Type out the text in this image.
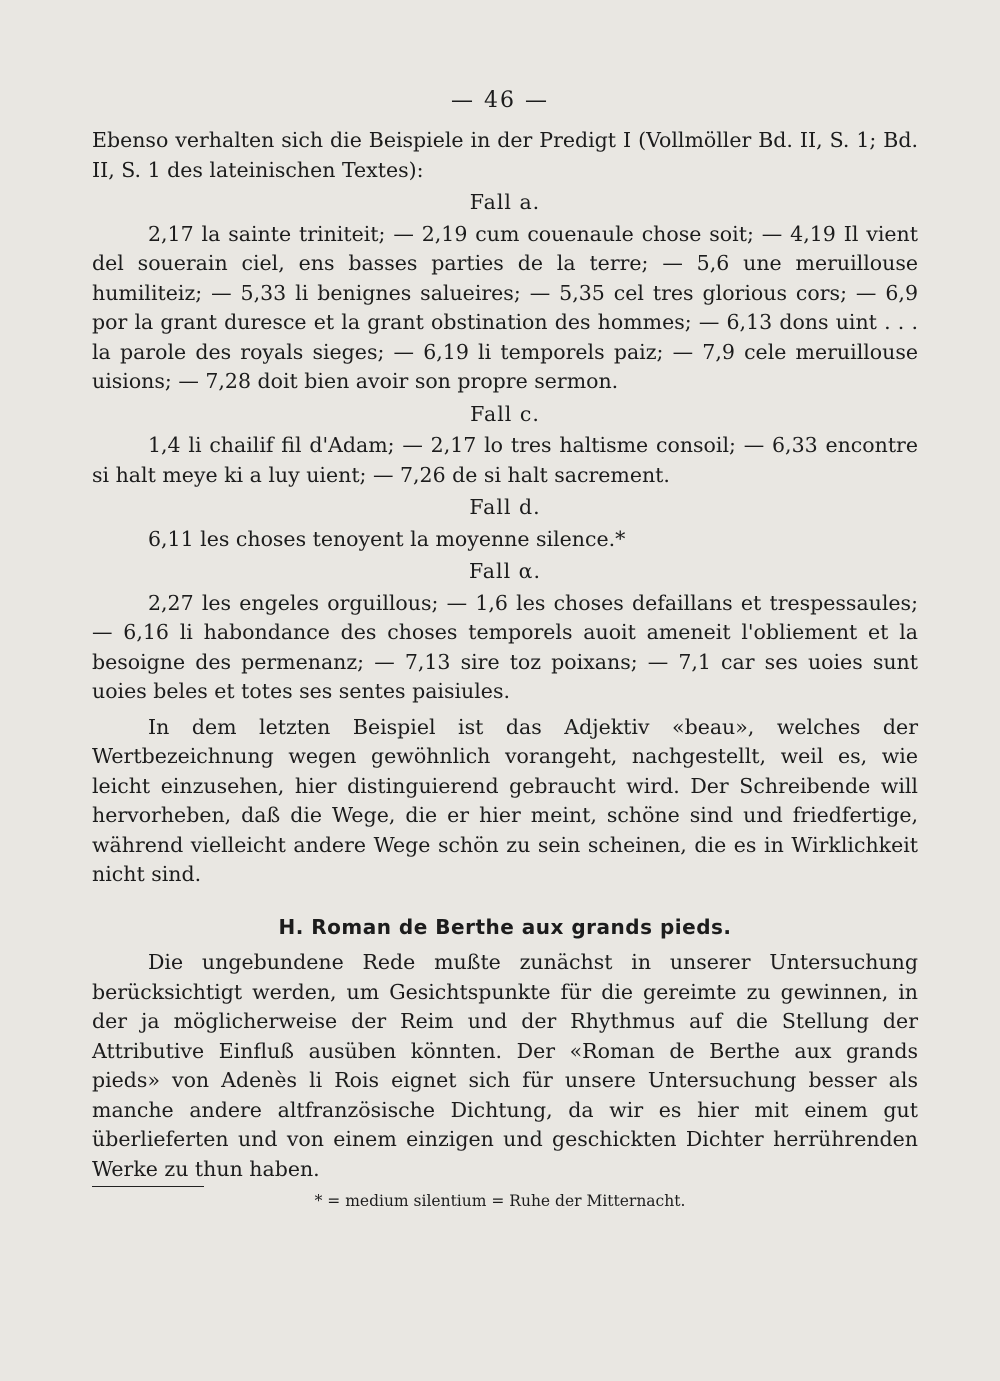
— 46 —

Ebenso verhalten sich die Beispiele in der Predigt I (Vollmöller Bd. II, S. 1; Bd. II, S. 1 des lateinischen Textes):

Fall a.

2,17 la sainte triniteit; — 2,19 cum couenaule chose soit; — 4,19 Il vient del souerain ciel, ens basses parties de la terre; — 5,6 une meruillouse humiliteiz; — 5,33 li benignes salueires; — 5,35 cel tres glorious cors; — 6,9 por la grant duresce et la grant obstination des hommes; — 6,13 dons uint . . . la parole des royals sieges; — 6,19 li temporels paiz; — 7,9 cele meruillouse uisions; — 7,28 doit bien avoir son propre sermon.

Fall c.

1,4 li chailif fil d'Adam; — 2,17 lo tres haltisme consoil; — 6,33 encontre si halt meye ki a luy uient; — 7,26 de si halt sacrement.

Fall d.

6,11 les choses tenoyent la moyenne silence.*

Fall α.

2,27 les engeles orguillous; — 1,6 les choses defaillans et trespessaules; — 6,16 li habondance des choses temporels auoit ameneit l'obliement et la besoigne des permenanz; — 7,13 sire toz poixans; — 7,1 car ses uoies sunt uoies beles et totes ses sentes paisiules.

In dem letzten Beispiel ist das Adjektiv «beau», welches der Wertbezeichnung wegen gewöhnlich vorangeht, nachgestellt, weil es, wie leicht einzusehen, hier distinguierend gebraucht wird. Der Schreibende will hervorheben, daß die Wege, die er hier meint, schöne sind und friedfertige, während vielleicht andere Wege schön zu sein scheinen, die es in Wirklichkeit nicht sind.

H. Roman de Berthe aux grands pieds.

Die ungebundene Rede mußte zunächst in unserer Untersuchung berücksichtigt werden, um Gesichtspunkte für die gereimte zu gewinnen, in der ja möglicherweise der Reim und der Rhythmus auf die Stellung der Attributive Einfluß ausüben könnten. Der «Roman de Berthe aux grands pieds» von Adenès li Rois eignet sich für unsere Untersuchung besser als manche andere altfranzösische Dichtung, da wir es hier mit einem gut überlieferten und von einem einzigen und geschickten Dichter herrührenden Werke zu thun haben.

* = medium silentium = Ruhe der Mitternacht.
